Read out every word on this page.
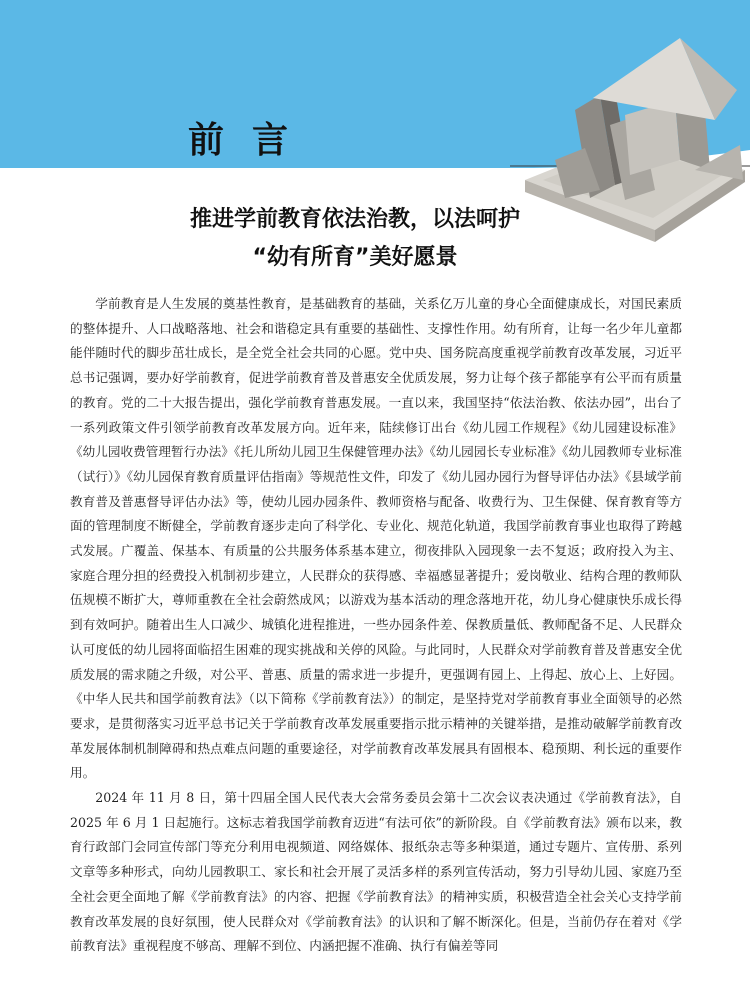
前言
推进学前教育依法治教，以法呵护
“幼有所育”美好愿景

学前教育是人生发展的奠基性教育，是基础教育的基础，关系亿万儿童的身心全面健康成长，对国民素质的整体提升、人口战略落地、社会和谐稳定具有重要的基础性、支撑性作用。幼有所育，让每一名少年儿童都能伴随时代的脚步茁壮成长，是全党全社会共同的心愿。党中央、国务院高度重视学前教育改革发展，习近平总书记强调，要办好学前教育，促进学前教育普及普惠安全优质发展，努力让每个孩子都能享有公平而有质量的教育。党的二十大报告提出，强化学前教育普惠发展。一直以来，我国坚持“依法治教、依法办园”，出台了一系列政策文件引领学前教育改革发展方向。近年来，陆续修订出台《幼儿园工作规程》《幼儿园建设标准》《幼儿园收费管理暂行办法》《托儿所幼儿园卫生保健管理办法》《幼儿园园长专业标准》《幼儿园教师专业标准（试行）》《幼儿园保育教育质量评估指南》等规范性文件，印发了《幼儿园办园行为督导评估办法》《县域学前教育普及普惠督导评估办法》等，使幼儿园办园条件、教师资格与配备、收费行为、卫生保健、保育教育等方面的管理制度不断健全，学前教育逐步走向了科学化、专业化、规范化轨道，我国学前教育事业也取得了跨越式发展。广覆盖、保基本、有质量的公共服务体系基本建立，彻夜排队入园现象一去不复返；政府投入为主、家庭合理分担的经费投入机制初步建立，人民群众的获得感、幸福感显著提升；爱岗敬业、结构合理的教师队伍规模不断扩大，尊师重教在全社会蔚然成风；以游戏为基本活动的理念落地开花，幼儿身心健康快乐成长得到有效呵护。随着出生人口减少、城镇化进程推进，一些办园条件差、保教质量低、教师配备不足、人民群众认可度低的幼儿园将面临招生困难的现实挑战和关停的风险。与此同时，人民群众对学前教育普及普惠安全优质发展的需求随之升级，对公平、普惠、质量的需求进一步提升，更强调有园上、上得起、放心上、上好园。《中华人民共和国学前教育法》（以下简称《学前教育法》）的制定，是坚持党对学前教育事业全面领导的必然要求，是贯彻落实习近平总书记关于学前教育改革发展重要指示批示精神的关键举措，是推动破解学前教育改革发展体制机制障碍和热点难点问题的重要途径，对学前教育改革发展具有固根本、稳预期、利长远的重要作用。

2024 年 11 月 8 日，第十四届全国人民代表大会常务委员会第十二次会议表决通过《学前教育法》，自 2025 年 6 月 1 日起施行。这标志着我国学前教育迈进“有法可依”的新阶段。自《学前教育法》颁布以来，教育行政部门会同宣传部门等充分利用电视频道、网络媒体、报纸杂志等多种渠道，通过专题片、宣传册、系列文章等多种形式，向幼儿园教职工、家长和社会开展了灵活多样的系列宣传活动，努力引导幼儿园、家庭乃至全社会更全面地了解《学前教育法》的内容、把握《学前教育法》的精神实质，积极营造全社会关心支持学前教育改革发展的良好氛围，使人民群众对《学前教育法》的认识和了解不断深化。但是，当前仍存在着对《学前教育法》重视程度不够高、理解不到位、内涵把握不准确、执行有偏差等同
